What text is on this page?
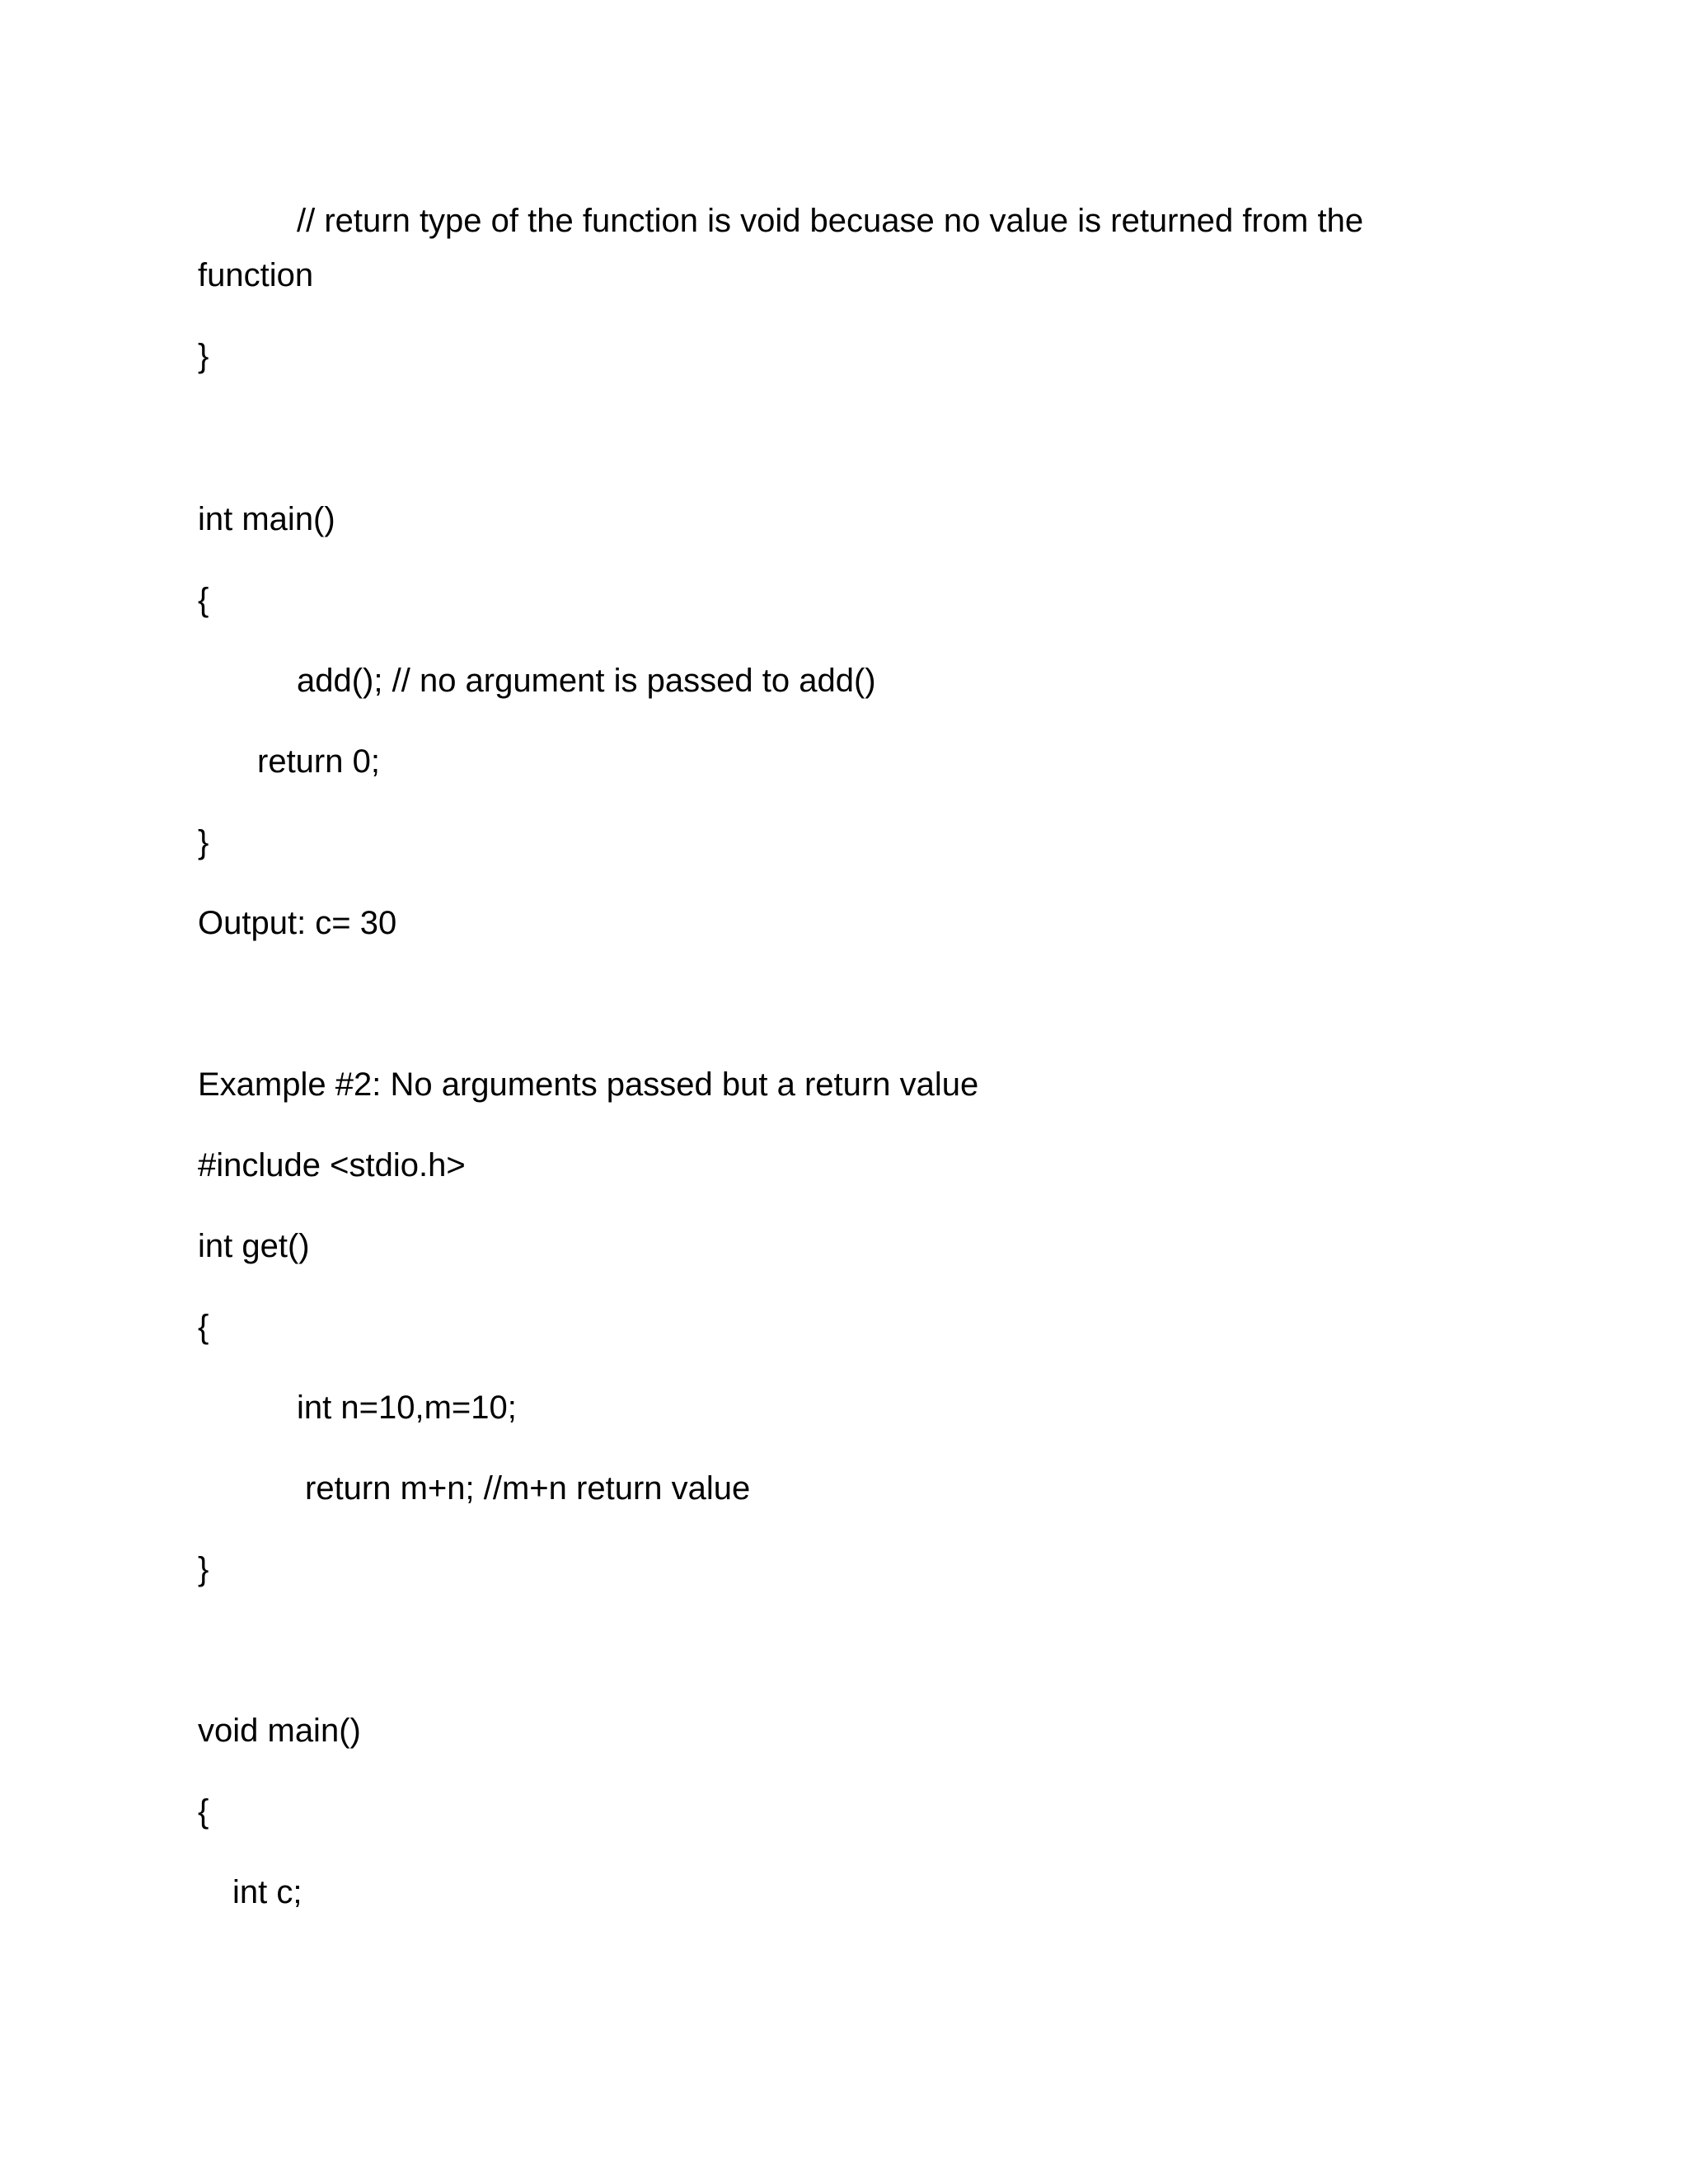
// return type of the function is void becuase no value is returned from the
function
}
int main()
{
add(); // no argument is passed to add()
return 0;
}
Output: c= 30
Example #2: No arguments passed but a return value
#include <stdio.h>
int get()
{
int n=10,m=10;
return m+n; //m+n return value
}
void main()
{
int c;
